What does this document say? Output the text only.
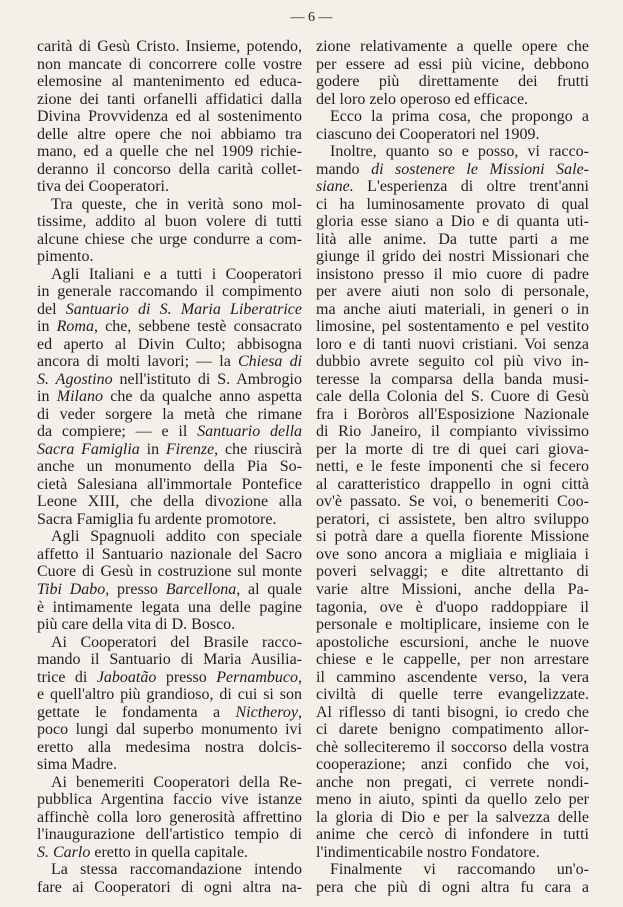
— 6 —
carità di Gesù Cristo. Insieme, potendo,
non mancate di concorrere colle vostre
elemosine al mantenimento ed educa-
zione dei tanti orfanelli affidatici dalla
Divina Provvidenza ed al sostenimento
delle altre opere che noi abbiamo tra
mano, ed a quelle che nel 1909 richie-
deranno il concorso della carità collet-
tiva dei Cooperatori.
Tra queste, che in verità sono mol-
tissime, addito al buon volere di tutti
alcune chiese che urge condurre a com-
pimento.
Agli Italiani e a tutti i Cooperatori
in generale raccomando il compimento
del Santuario di S. Maria Liberatrice
in Roma, che, sebbene testè consacrato
ed aperto al Divin Culto; abbisogna
ancora di molti lavori; — la Chiesa di
S. Agostino nell'istituto di S. Ambrogio
in Milano che da qualche anno aspetta
di veder sorgere la metà che rimane
da compiere; — e il Santuario della
Sacra Famiglia in Firenze, che riuscirà
anche un monumento della Pia So-
cietà Salesiana all'immortale Pontefice
Leone XIII, che della divozione alla
Sacra Famiglia fu ardente promotore.
Agli Spagnuoli addito con speciale
affetto il Santuario nazionale del Sacro
Cuore di Gesù in costruzione sul monte
Tibi Dabo, presso Barcellona, al quale
è intimamente legata una delle pagine
più care della vita di D. Bosco.
Ai Cooperatori del Brasile racco-
mando il Santuario di Maria Ausilia-
trice di Jaboatão presso Pernambuco,
e quell'altro più grandioso, di cui si son
gettate le fondamenta a Nictheroy,
poco lungi dal superbo monumento ivi
eretto alla medesima nostra dolcis-
sima Madre.
Ai benemeriti Cooperatori della Re-
pubblica Argentina faccio vive istanze
affinchè colla loro generosità affrettino
l'inaugurazione dell'artistico tempio di
S. Carlo eretto in quella capitale.
La stessa raccomandazione intendo
fare ai Cooperatori di ogni altra na-
zione relativamente a quelle opere che
per essere ad essi più vicine, debbono
godere più direttamente dei frutti
del loro zelo operoso ed efficace.
Ecco la prima cosa, che propongo a
ciascuno dei Cooperatori nel 1909.
Inoltre, quanto so e posso, vi racco-
mando di sostenere le Missioni Sale-
siane. L'esperienza di oltre trent'anni
ci ha luminosamente provato di qual
gloria esse siano a Dio e di quanta uti-
lità alle anime. Da tutte parti a me
giunge il grido dei nostri Missionari che
insistono presso il mio cuore di padre
per avere aiuti non solo di personale,
ma anche aiuti materiali, in generi o in
limosine, pel sostentamento e pel vestito
loro e di tanti nuovi cristiani. Voi senza
dubbio avrete seguito col più vivo in-
teresse la comparsa della banda musi-
cale della Colonia del S. Cuore di Gesù
fra i Boròros all'Esposizione Nazionale
di Rio Janeiro, il compianto vivissimo
per la morte di tre di quei cari giova-
netti, e le feste imponenti che si fecero
al caratteristico drappello in ogni città
ov'è passato. Se voi, o benemeriti Coo-
peratori, ci assistete, ben altro sviluppo
si potrà dare a quella fiorente Missione
ove sono ancora a migliaia e migliaia i
poveri selvaggi; e dite altrettanto di
varie altre Missioni, anche della Pa-
tagonia, ove è d'uopo raddoppiare il
personale e moltiplicare, insieme con le
apostoliche escursioni, anche le nuove
chiese e le cappelle, per non arrestare
il cammino ascendente verso, la vera
civiltà di quelle terre evangelizzate.
Al riflesso di tanti bisogni, io credo che
ci darete benigno compatimento allor-
chè solleciteremo il soccorso della vostra
cooperazione; anzi confido che voi,
anche non pregati, ci verrete nondi-
meno in aiuto, spinti da quello zelo per
la gloria di Dio e per la salvezza delle
anime che cercò di infondere in tutti
l'indimenticabile nostro Fondatore.
Finalmente vi raccomando un'o-
pera che più di ogni altra fu cara a
